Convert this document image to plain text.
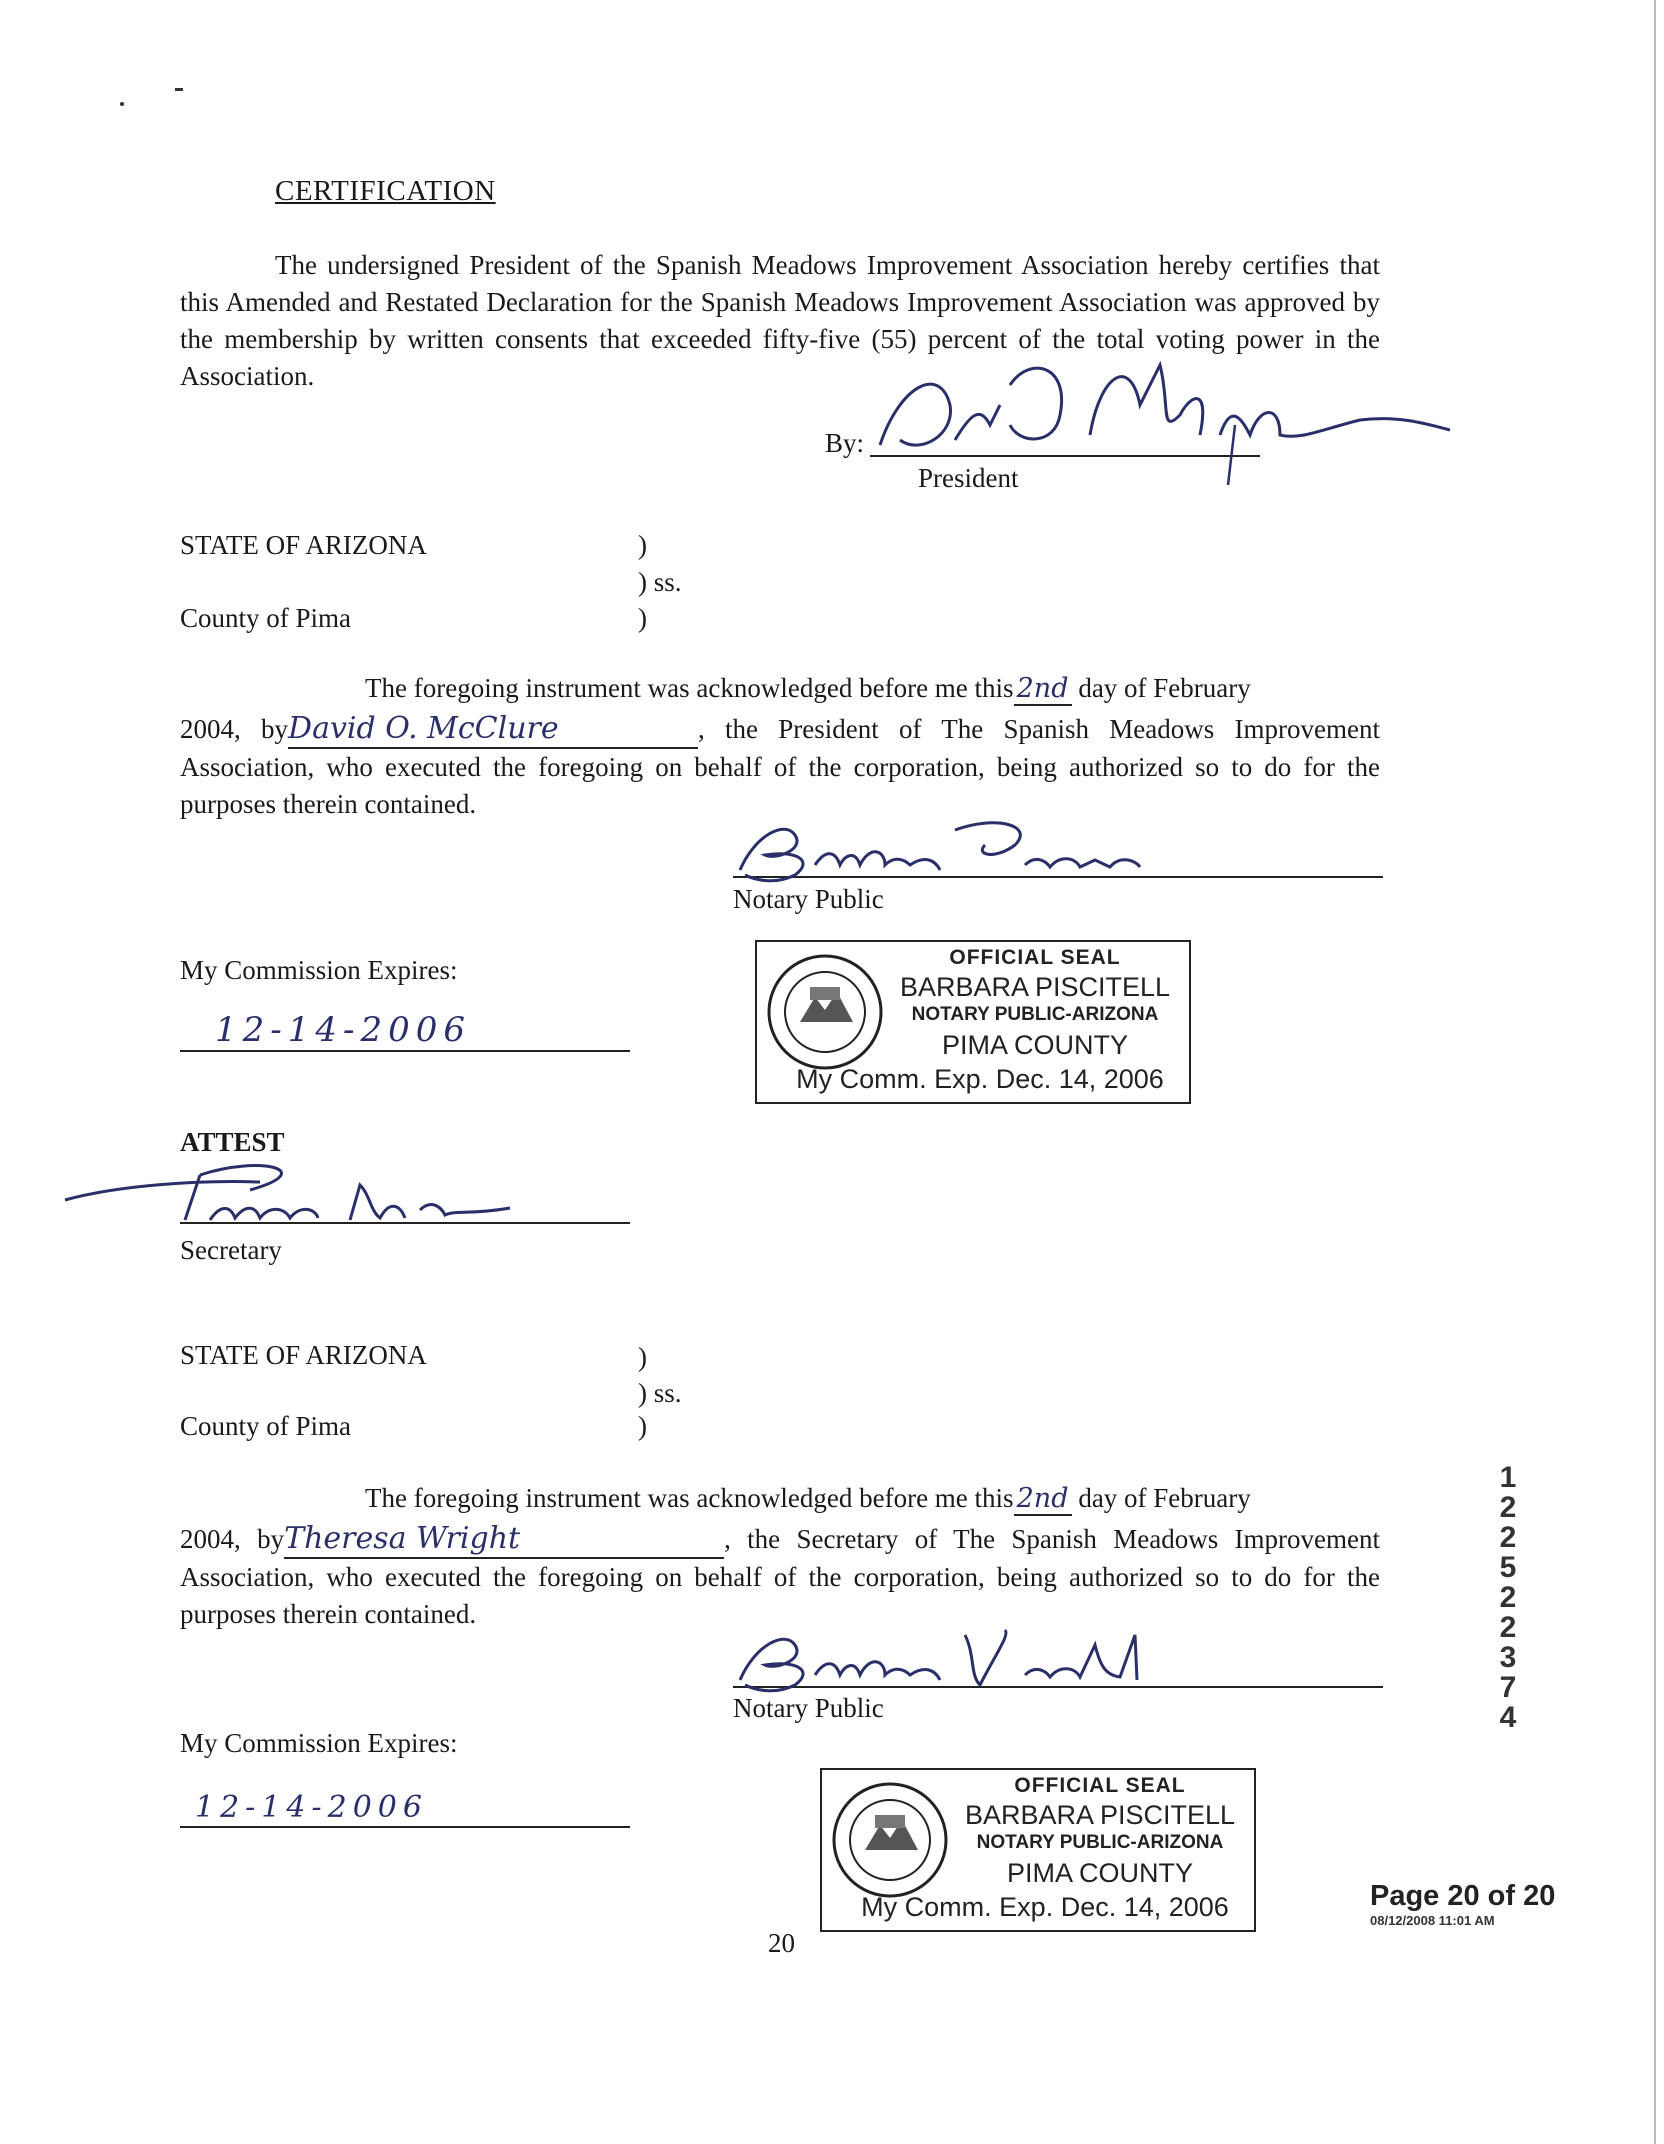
CERTIFICATION
The undersigned President of the Spanish Meadows Improvement Association hereby certifies that this Amended and Restated Declaration for the Spanish Meadows Improvement Association was approved by the membership by written consents that exceeded fifty-five (55) percent of the total voting power in the Association.
By:
President
STATE OF ARIZONA	)
) ss.
County of Pima	)
The foregoing instrument was acknowledged before me this 2nd day of February
2004, byDavid O. McClure	, the President of The Spanish Meadows Improvement Association, who executed the foregoing on behalf of the corporation, being authorized so to do for the purposes therein contained.
Notary Public
My Commission Expires:
12-14-2006
OFFICIAL SEAL
BARBARA PISCITELL
NOTARY PUBLIC-ARIZONA
PIMA COUNTY
My Comm. Exp. Dec. 14, 2006
ATTEST
Secretary
STATE OF ARIZONA	)
) ss.
County of Pima	)
The foregoing instrument was acknowledged before me this 2nd day of February
2004, byTheresa Wright	, the Secretary of The Spanish Meadows Improvement Association, who executed the foregoing on behalf of the corporation, being authorized so to do for the purposes therein contained.
Notary Public
My Commission Expires:
12-14-2006
OFFICIAL SEAL
BARBARA PISCITELL
NOTARY PUBLIC-ARIZONA
PIMA COUNTY
My Comm. Exp. Dec. 14, 2006
1 2 2 5 2   2 3 7 4
20
Page 20 of 20
08/12/2008 11:01 AM
